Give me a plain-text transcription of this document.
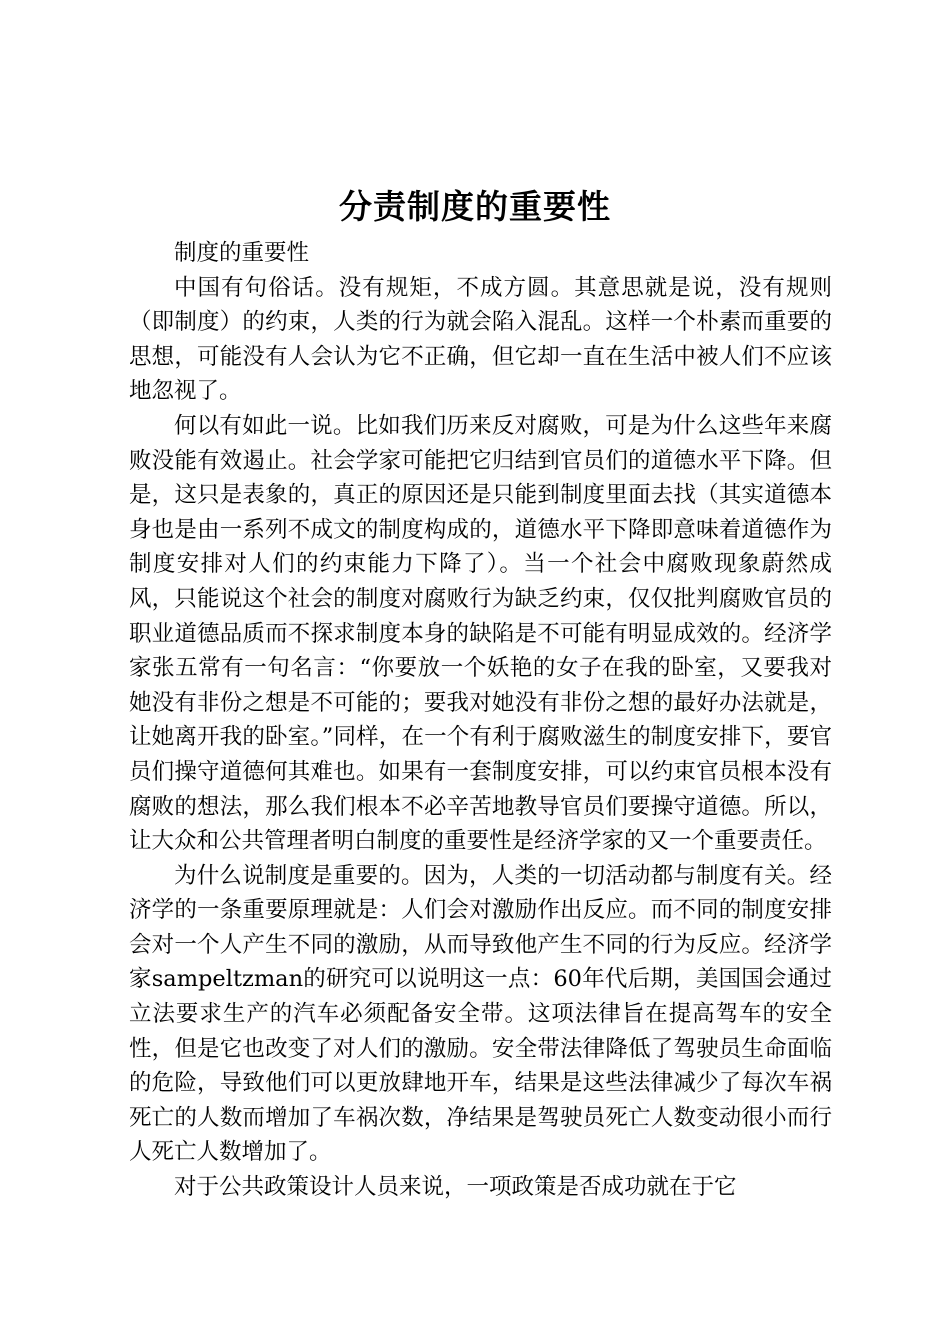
分责制度的重要性

制度的重要性

中国有句俗话。没有规矩，不成方圆。其意思就是说，没有规则（即制度）的约束，人类的行为就会陷入混乱。这样一个朴素而重要的思想，可能没有人会认为它不正确，但它却一直在生活中被人们不应该地忽视了。

何以有如此一说。比如我们历来反对腐败，可是为什么这些年来腐败没能有效遏止。社会学家可能把它归结到官员们的道德水平下降。但是，这只是表象的，真正的原因还是只能到制度里面去找（其实道德本身也是由一系列不成文的制度构成的，道德水平下降即意味着道德作为制度安排对人们的约束能力下降了）。当一个社会中腐败现象蔚然成风，只能说这个社会的制度对腐败行为缺乏约束，仅仅批判腐败官员的职业道德品质而不探求制度本身的缺陷是不可能有明显成效的。经济学家张五常有一句名言：“你要放一个妖艳的女子在我的卧室，又要我对她没有非份之想是不可能的；要我对她没有非份之想的最好办法就是，让她离开我的卧室。”同样，在一个有利于腐败滋生的制度安排下，要官员们操守道德何其难也。如果有一套制度安排，可以约束官员根本没有腐败的想法，那么我们根本不必辛苦地教导官员们要操守道德。所以，让大众和公共管理者明白制度的重要性是经济学家的又一个重要责任。

为什么说制度是重要的。因为，人类的一切活动都与制度有关。经济学的一条重要原理就是：人们会对激励作出反应。而不同的制度安排会对一个人产生不同的激励，从而导致他产生不同的行为反应。经济学家sampeltzman的研究可以说明这一点：60年代后期，美国国会通过立法要求生产的汽车必须配备安全带。这项法律旨在提高驾车的安全性，但是它也改变了对人们的激励。安全带法律降低了驾驶员生命面临的危险，导致他们可以更放肆地开车，结果是这些法律减少了每次车祸死亡的人数而增加了车祸次数，净结果是驾驶员死亡人数变动很小而行人死亡人数增加了。

对于公共政策设计人员来说，一项政策是否成功就在于它
